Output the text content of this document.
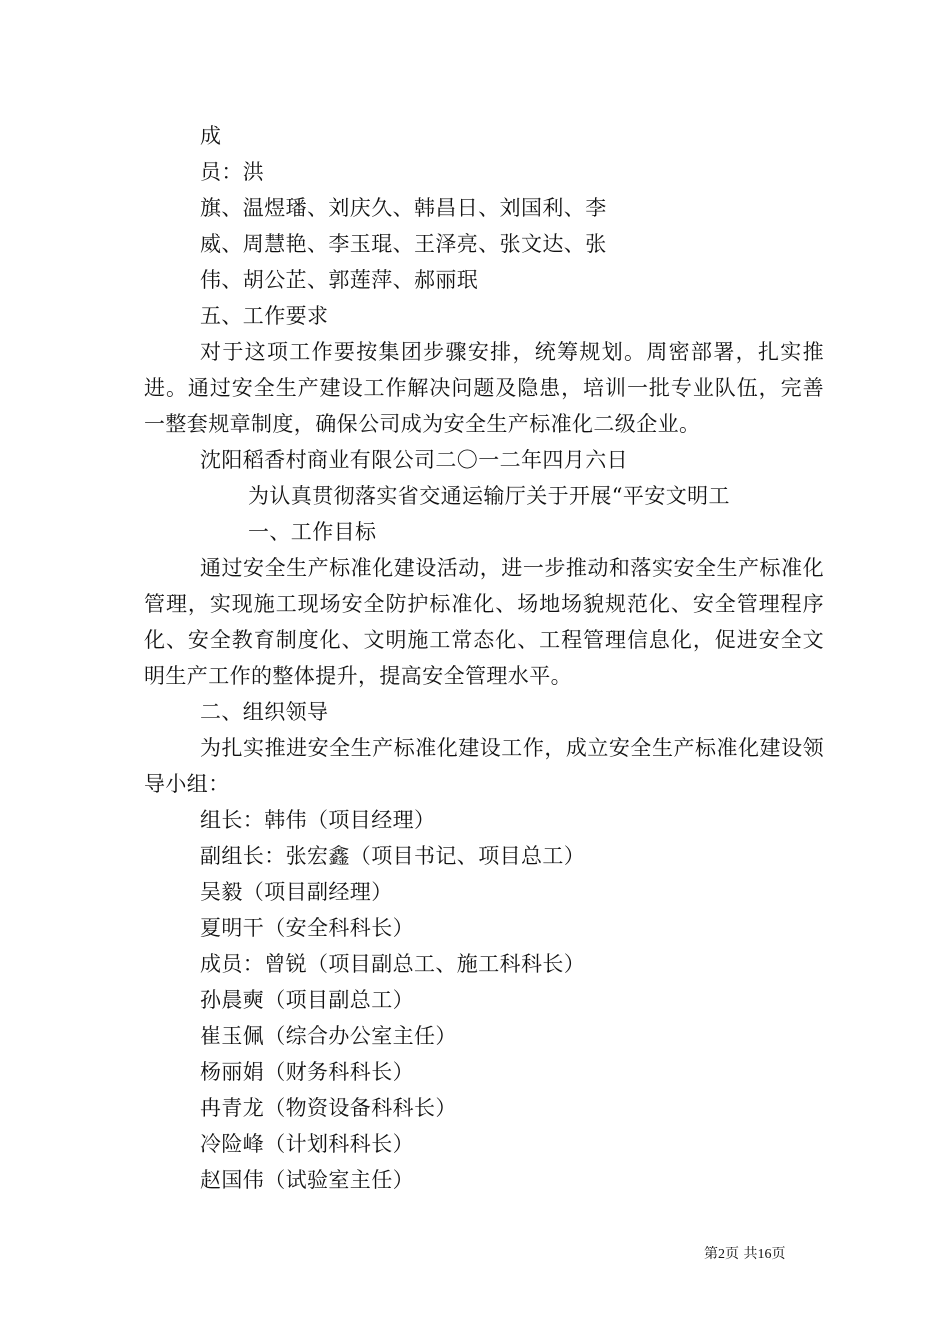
成
员：洪
旗、温煜璠、刘庆久、韩昌日、刘国利、李
威、周慧艳、李玉琨、王泽亮、张文达、张
伟、胡公芷、郭莲萍、郝丽珉
五、工作要求
对于这项工作要按集团步骤安排，统筹规划。周密部署，扎实推进。通过安全生产建设工作解决问题及隐患，培训一批专业队伍，完善一整套规章制度，确保公司成为安全生产标准化二级企业。
沈阳稻香村商业有限公司二〇一二年四月六日
为认真贯彻落实省交通运输厅关于开展“平安文明工
一、工作目标
通过安全生产标准化建设活动，进一步推动和落实安全生产标准化管理，实现施工现场安全防护标准化、场地场貌规范化、安全管理程序化、安全教育制度化、文明施工常态化、工程管理信息化，促进安全文明生产工作的整体提升，提高安全管理水平。
二、组织领导
为扎实推进安全生产标准化建设工作，成立安全生产标准化建设领导小组：
组长：韩伟（项目经理）
副组长：张宏鑫（项目书记、项目总工）
吴毅（项目副经理）
夏明干（安全科科长）
成员：曾锐（项目副总工、施工科科长）
孙晨奭（项目副总工）
崔玉佩（综合办公室主任）
杨丽娟（财务科科长）
冉青龙（物资设备科科长）
冷险峰（计划科科长）
赵国伟（试验室主任）
第2页 共16页
